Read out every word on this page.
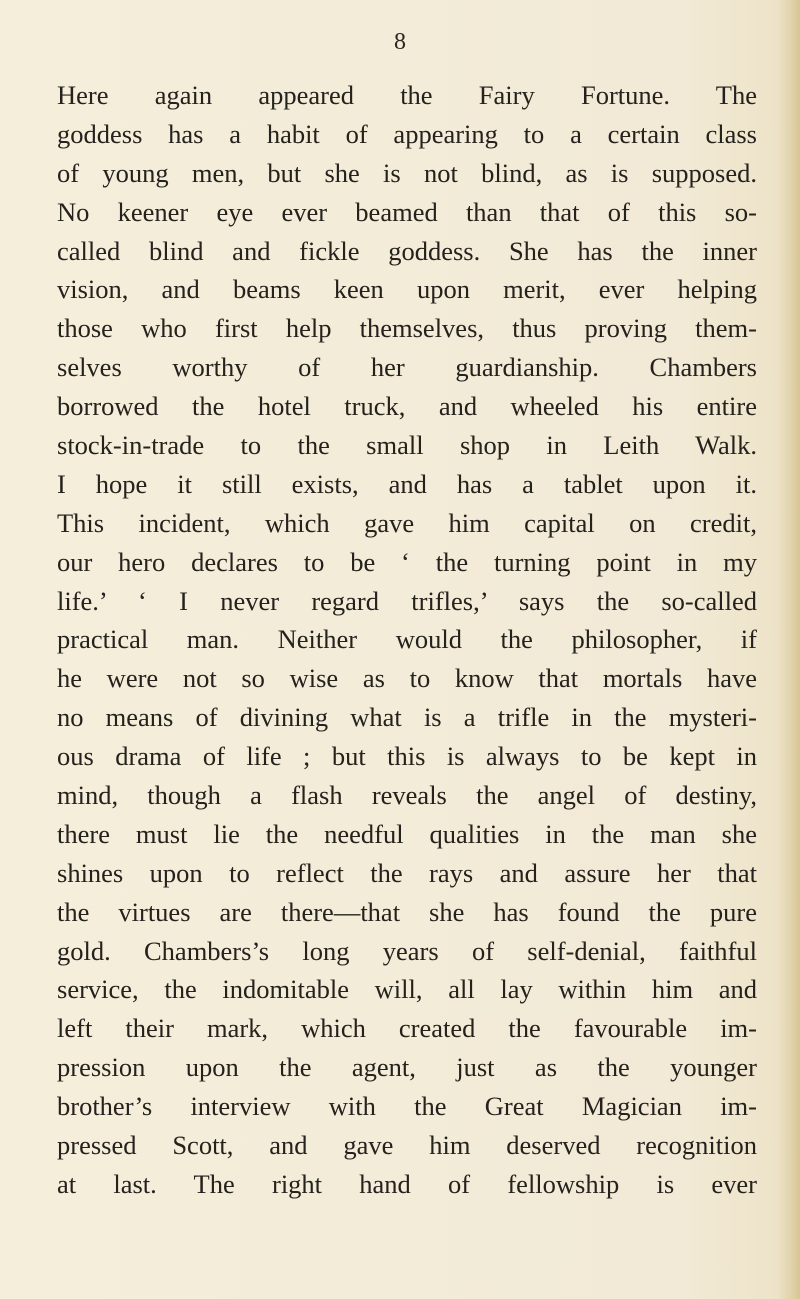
8
Here again appeared the Fairy Fortune. The
goddess has a habit of appearing to a certain class
of young men, but she is not blind, as is supposed.
No keener eye ever beamed than that of this so-
called blind and fickle goddess. She has the inner
vision, and beams keen upon merit, ever helping
those who first help themselves, thus proving them-
selves worthy of her guardianship. Chambers
borrowed the hotel truck, and wheeled his entire
stock-in-trade to the small shop in Leith Walk.
I hope it still exists, and has a tablet upon it.
This incident, which gave him capital on credit,
our hero declares to be ‘ the turning point in my
life.’ ‘ I never regard trifles,’ says the so-called
practical man. Neither would the philosopher, if
he were not so wise as to know that mortals have
no means of divining what is a trifle in the mysteri-
ous drama of life ; but this is always to be kept in
mind, though a flash reveals the angel of destiny,
there must lie the needful qualities in the man she
shines upon to reflect the rays and assure her that
the virtues are there—that she has found the pure
gold. Chambers’s long years of self-denial, faithful
service, the indomitable will, all lay within him and
left their mark, which created the favourable im-
pression upon the agent, just as the younger
brother’s interview with the Great Magician im-
pressed Scott, and gave him deserved recognition
at last. The right hand of fellowship is ever
